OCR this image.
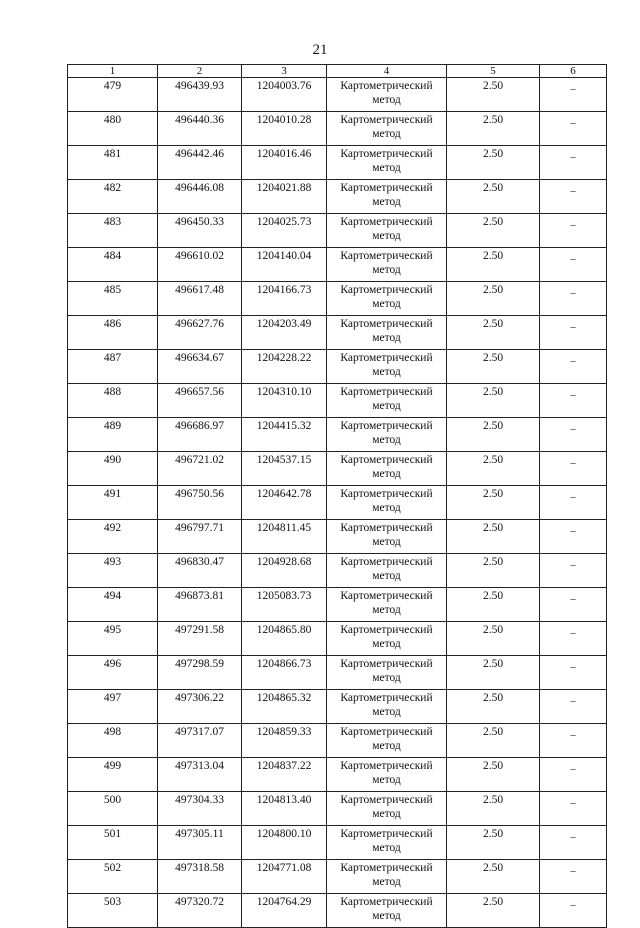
21
1	2	3	4	5	6
479	496439.93	1204003.76	Картометрический метод	2.50	–
480	496440.36	1204010.28	Картометрический метод	2.50	–
481	496442.46	1204016.46	Картометрический метод	2.50	–
482	496446.08	1204021.88	Картометрический метод	2.50	–
483	496450.33	1204025.73	Картометрический метод	2.50	–
484	496610.02	1204140.04	Картометрический метод	2.50	–
485	496617.48	1204166.73	Картометрический метод	2.50	–
486	496627.76	1204203.49	Картометрический метод	2.50	–
487	496634.67	1204228.22	Картометрический метод	2.50	–
488	496657.56	1204310.10	Картометрический метод	2.50	–
489	496686.97	1204415.32	Картометрический метод	2.50	–
490	496721.02	1204537.15	Картометрический метод	2.50	–
491	496750.56	1204642.78	Картометрический метод	2.50	–
492	496797.71	1204811.45	Картометрический метод	2.50	–
493	496830.47	1204928.68	Картометрический метод	2.50	–
494	496873.81	1205083.73	Картометрический метод	2.50	–
495	497291.58	1204865.80	Картометрический метод	2.50	–
496	497298.59	1204866.73	Картометрический метод	2.50	–
497	497306.22	1204865.32	Картометрический метод	2.50	–
498	497317.07	1204859.33	Картометрический метод	2.50	–
499	497313.04	1204837.22	Картометрический метод	2.50	–
500	497304.33	1204813.40	Картометрический метод	2.50	–
501	497305.11	1204800.10	Картометрический метод	2.50	–
502	497318.58	1204771.08	Картометрический метод	2.50	–
503	497320.72	1204764.29	Картометрический метод	2.50	–
